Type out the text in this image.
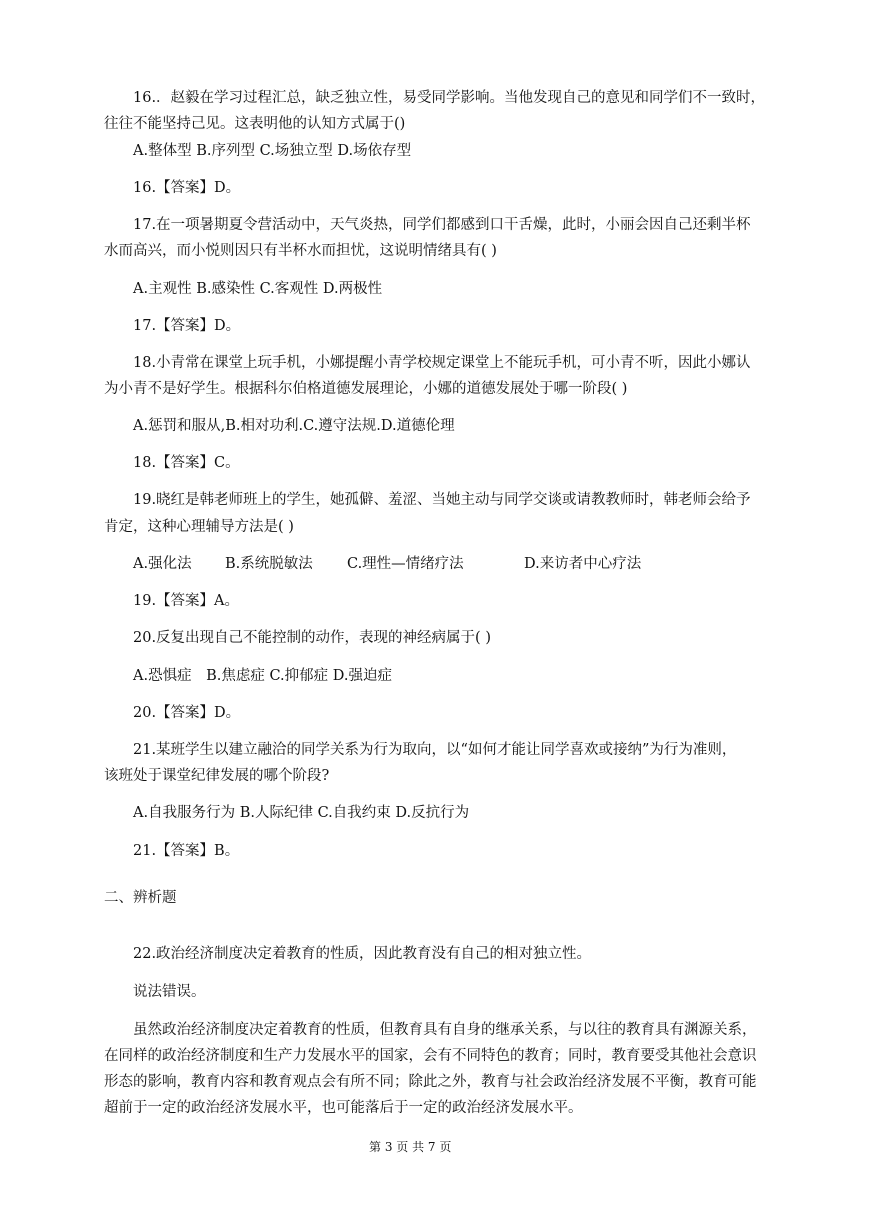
16.．赵毅在学习过程汇总，缺乏独立性，易受同学影响。当他发现自己的意见和同学们不一致时，
往往不能坚持己见。这表明他的认知方式属于()
A.整体型 B.序列型 C.场独立型 D.场依存型
16.【答案】D。
17.在一项暑期夏令营活动中，天气炎热，同学们都感到口干舌燥，此时，小丽会因自己还剩半杯
水而高兴，而小悦则因只有半杯水而担忧，这说明情绪具有( )
A.主观性 B.感染性 C.客观性 D.两极性
17.【答案】D。
18.小青常在课堂上玩手机，小娜提醒小青学校规定课堂上不能玩手机，可小青不听，因此小娜认
为小青不是好学生。根据科尔伯格道德发展理论，小娜的道德发展处于哪一阶段( )
A.惩罚和服从,B.相对功利.C.遵守法规.D.道德伦理
18.【答案】C。
19.晓红是韩老师班上的学生，她孤僻、羞涩、当她主动与同学交谈或请教教师时，韩老师会给予
肯定，这种心理辅导方法是( )
A.强化法 B.系统脱敏法 C.理性—情绪疗法	D.来访者中心疗法
19.【答案】A。
20.反复出现自己不能控制的动作，表现的神经病属于( )
A.恐惧症　B.焦虑症 C.抑郁症 D.强迫症
20.【答案】D。
21.某班学生以建立融洽的同学关系为行为取向，以“如何才能让同学喜欢或接纳”为行为准则，
该班处于课堂纪律发展的哪个阶段?
A.自我服务行为 B.人际纪律 C.自我约束 D.反抗行为
21.【答案】B。
二、辨析题
22.政治经济制度决定着教育的性质，因此教育没有自己的相对独立性。
说法错误。
虽然政治经济制度决定着教育的性质，但教育具有自身的继承关系，与以往的教育具有渊源关系，
在同样的政治经济制度和生产力发展水平的国家，会有不同特色的教育；同时，教育要受其他社会意识
形态的影响，教育内容和教育观点会有所不同；除此之外，教育与社会政治经济发展不平衡，教育可能
超前于一定的政治经济发展水平，也可能落后于一定的政治经济发展水平。
第 3 页 共 7 页
